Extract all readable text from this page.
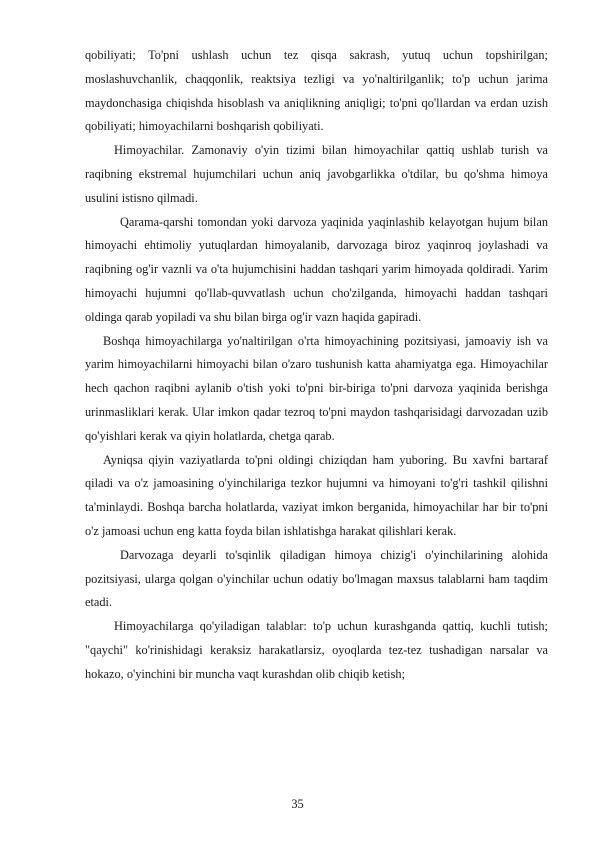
qobiliyati; To'pni ushlash uchun tez qisqa sakrash, yutuq uchun topshirilgan; moslashuvchanlik, chaqqonlik, reaktsiya tezligi va yo'naltirilganlik; to'p uchun jarima maydonchasiga chiqishda hisoblash va aniqlikning aniqligi; to'pni qo'llardan va erdan uzish qobiliyati; himoyachilarni boshqarish qobiliyati.

Himoyachilar. Zamonaviy o'yin tizimi bilan himoyachilar qattiq ushlab turish va raqibning ekstremal hujumchilari uchun aniq javobgarlikka o'tdilar, bu qo'shma himoya usulini istisno qilmadi.

Qarama-qarshi tomondan yoki darvoza yaqinida yaqinlashib kelayotgan hujum bilan himoyachi ehtimoliy yutuqlardan himoyalanib, darvozaga biroz yaqinroq joylashadi va raqibning og'ir vaznli va o'ta hujumchisini haddan tashqari yarim himoyada qoldiradi. Yarim himoyachi hujumni qo'llab-quvvatlash uchun cho'zilganda, himoyachi haddan tashqari oldinga qarab yopiladi va shu bilan birga og'ir vazn haqida gapiradi.

Boshqa himoyachilarga yo'naltirilgan o'rta himoyachining pozitsiyasi, jamoaviy ish va yarim himoyachilarni himoyachi bilan o'zaro tushunish katta ahamiyatga ega. Himoyachilar hech qachon raqibni aylanib o'tish yoki to'pni bir-biriga to'pni darvoza yaqinida berishga urinmasliklari kerak. Ular imkon qadar tezroq to'pni maydon tashqarisidagi darvozadan uzib qo'yishlari kerak va qiyin holatlarda, chetga qarab.

Ayniqsa qiyin vaziyatlarda to'pni oldingi chiziqdan ham yuboring. Bu xavfni bartaraf qiladi va o'z jamoasining o'yinchilariga tezkor hujumni va himoyani to'g'ri tashkil qilishni ta'minlaydi. Boshqa barcha holatlarda, vaziyat imkon berganida, himoyachilar har bir to'pni o'z jamoasi uchun eng katta foyda bilan ishlatishga harakat qilishlari kerak.

Darvozaga deyarli to'sqinlik qiladigan himoya chizig'i o'yinchilarining alohida pozitsiyasi, ularga qolgan o'yinchilar uchun odatiy bo'lmagan maxsus talablarni ham taqdim etadi.

Himoyachilarga qo'yiladigan talablar: to'p uchun kurashganda qattiq, kuchli tutish; "qaychi" ko'rinishidagi keraksiz harakatlarsiz, oyoqlarda tez-tez tushadigan narsalar va hokazo, o'yinchini bir muncha vaqt kurashdan olib chiqib ketish;

35
